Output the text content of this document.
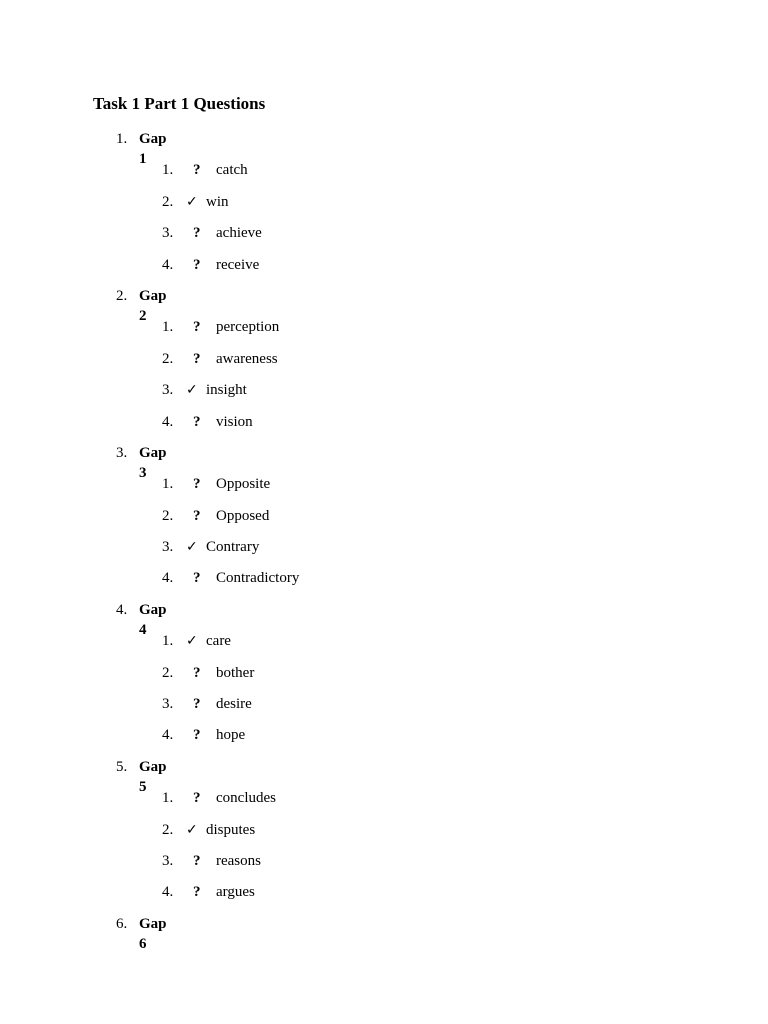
Task 1 Part 1 Questions
1. Gap 1
1.	? catch
2. ✓ win
3.	? achieve
4.	? receive
2. Gap 2
1.	? perception
2.	? awareness
3. ✓ insight
4.	? vision
3. Gap 3
1.	? Opposite
2.	? Opposed
3. ✓ Contrary
4.	? Contradictory
4. Gap 4
1. ✓ care
2.	? bother
3.	? desire
4.	? hope
5. Gap 5
1.	? concludes
2. ✓ disputes
3.	? reasons
4.	? argues
6. Gap 6
